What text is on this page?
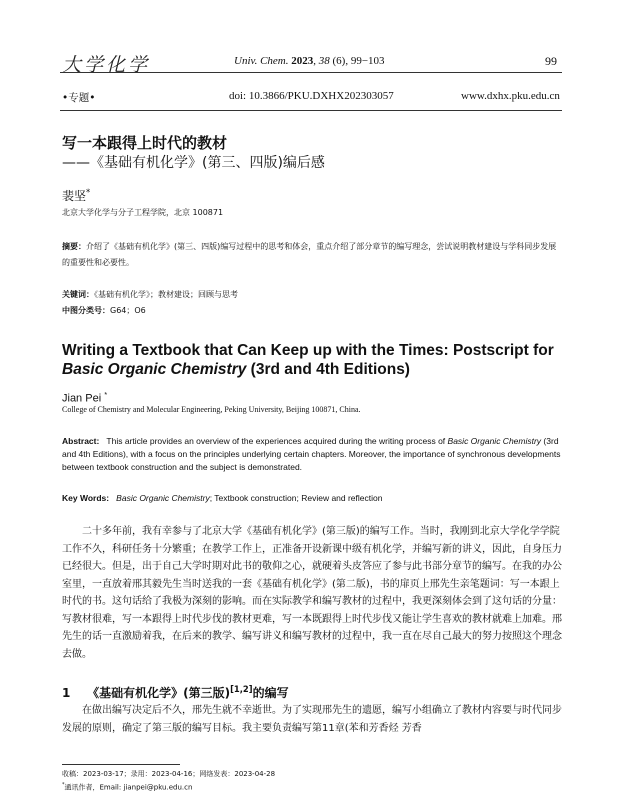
大学化学	Univ. Chem. 2023, 38 (6), 99−103	99
•专题•	doi: 10.3866/PKU.DXHX202303057	www.dxhx.pku.edu.cn
写一本跟得上时代的教材
——《基础有机化学》(第三、四版)编后感
裴坚*
北京大学化学与分子工程学院，北京 100871
摘要：介绍了《基础有机化学》(第三、四版)编写过程中的思考和体会，重点介绍了部分章节的编写理念，尝试说明教材建设与学科同步发展的重要性和必要性。
关键词：《基础有机化学》；教材建设；回顾与思考
中图分类号：G64；O6
Writing a Textbook that Can Keep up with the Times: Postscript for Basic Organic Chemistry (3rd and 4th Editions)
Jian Pei *
College of Chemistry and Molecular Engineering, Peking University, Beijing 100871, China.
Abstract: This article provides an overview of the experiences acquired during the writing process of Basic Organic Chemistry (3rd and 4th Editions), with a focus on the principles underlying certain chapters. Moreover, the importance of synchronous developments between textbook construction and the subject is demonstrated.
Key Words: Basic Organic Chemistry; Textbook construction; Review and reflection
二十多年前，我有幸参与了北京大学《基础有机化学》(第三版)的编写工作。当时，我刚到北京大学化学学院工作不久，科研任务十分繁重；在教学工作上，正准备开设新课中级有机化学，并编写新的讲义，因此，自身压力已经很大。但是，出于自己大学时期对此书的敬仰之心，就硬着头皮答应了参与此书部分章节的编写。在我的办公室里，一直放着邢其毅先生当时送我的一套《基础有机化学》(第二版)，书的扉页上邢先生亲笔题词：写一本跟上时代的书。这句话给了我极为深刻的影响。而在实际教学和编写教材的过程中，我更深刻体会到了这句话的分量：写教材很难，写一本跟得上时代步伐的教材更难，写一本既跟得上时代步伐又能让学生喜欢的教材就难上加难。邢先生的话一直激励着我，在后来的教学、编写讲义和编写教材的过程中，我一直在尽自己最大的努力按照这个理念去做。
1 《基础有机化学》(第三版)[1,2]的编写
在做出编写决定后不久，邢先生就不幸逝世。为了实现邢先生的遗愿，编写小组确立了教材内容要与时代同步发展的原则，确定了第三版的编写目标。我主要负责编写第11章(苯和芳香烃 芳香
收稿：2023-03-17；录用：2023-04-16；网络发表：2023-04-28
*通讯作者，Email: jianpei@pku.edu.cn
